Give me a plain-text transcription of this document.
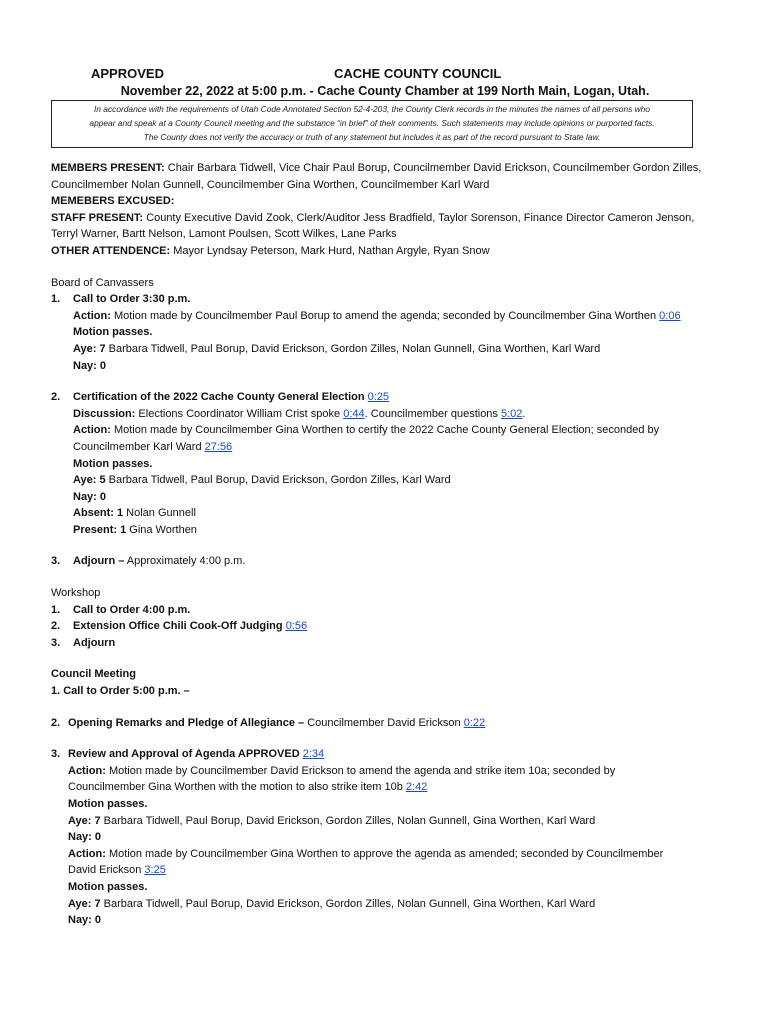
APPROVED	CACHE COUNTY COUNCIL
November 22, 2022 at 5:00 p.m. - Cache County Chamber at 199 North Main, Logan, Utah.
In accordance with the requirements of Utah Code Annotated Section 52-4-203, the County Clerk records in the minutes the names of all persons who
appear and speak at a County Council meeting and the substance “in brief” of their comments. Such statements may include opinions or purported facts.
The County does not verify the accuracy or truth of any statement but includes it as part of the record pursuant to State law.

MEMBERS PRESENT: Chair Barbara Tidwell, Vice Chair Paul Borup, Councilmember David Erickson, Councilmember Gordon Zilles,

Councilmember Nolan Gunnell, Councilmember Gina Worthen, Councilmember Karl Ward

MEMEBERS EXCUSED:

STAFF PRESENT: County Executive David Zook, Clerk/Auditor Jess Bradfield, Taylor Sorenson, Finance Director Cameron Jenson,

Terryl Warner, Bartt Nelson, Lamont Poulsen, Scott Wilkes, Lane Parks

OTHER ATTENDENCE: Mayor Lyndsay Peterson, Mark Hurd, Nathan Argyle, Ryan Snow

Board of Canvassers

1. Call to Order 3:30 p.m.

Action: Motion made by Councilmember Paul Borup to amend the agenda; seconded by Councilmember Gina Worthen 0:06

Motion passes.

Aye: 7 Barbara Tidwell, Paul Borup, David Erickson, Gordon Zilles, Nolan Gunnell, Gina Worthen, Karl Ward

Nay: 0

2. Certification of the 2022 Cache County General Election 0:25

Discussion: Elections Coordinator William Crist spoke 0:44. Councilmember questions 5:02.

Action: Motion made by Councilmember Gina Worthen to certify the 2022 Cache County General Election; seconded by

Councilmember Karl Ward 27:56

Motion passes.

Aye: 5 Barbara Tidwell, Paul Borup, David Erickson, Gordon Zilles, Karl Ward

Nay: 0

Absent: 1 Nolan Gunnell

Present: 1 Gina Worthen

3. Adjourn – Approximately 4:00 p.m.

Workshop

1. Call to Order 4:00 p.m.

2. Extension Office Chili Cook-Off Judging 0:56

3. Adjourn

Council Meeting

1. Call to Order 5:00 p.m. –

2. Opening Remarks and Pledge of Allegiance – Councilmember David Erickson 0:22

3. Review and Approval of Agenda APPROVED 2:34

Action: Motion made by Councilmember David Erickson to amend the agenda and strike item 10a; seconded by

Councilmember Gina Worthen with the motion to also strike item 10b 2:42

Motion passes.

Aye: 7 Barbara Tidwell, Paul Borup, David Erickson, Gordon Zilles, Nolan Gunnell, Gina Worthen, Karl Ward

Nay: 0

Action: Motion made by Councilmember Gina Worthen to approve the agenda as amended; seconded by Councilmember

David Erickson 3:25

Motion passes.

Aye: 7 Barbara Tidwell, Paul Borup, David Erickson, Gordon Zilles, Nolan Gunnell, Gina Worthen, Karl Ward

Nay: 0
